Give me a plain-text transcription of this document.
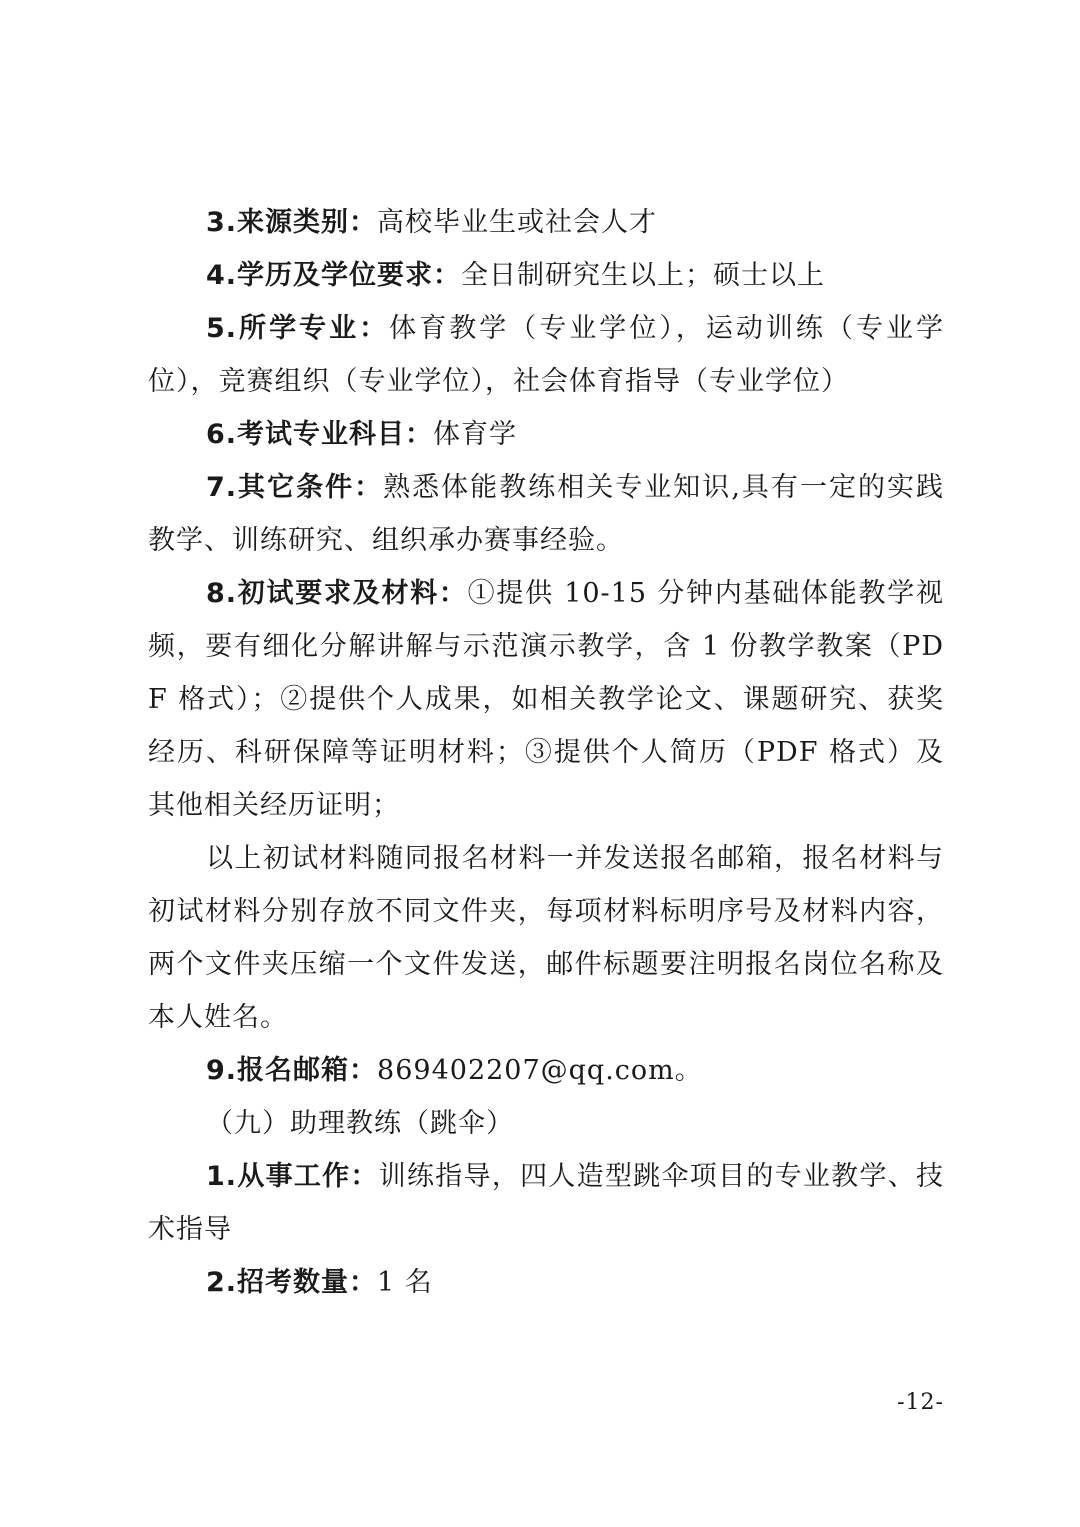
3.来源类别：高校毕业生或社会人才

4.学历及学位要求：全日制研究生以上；硕士以上

5.所学专业：体育教学（专业学位），运动训练（专业学位），竞赛组织（专业学位），社会体育指导（专业学位）

6.考试专业科目：体育学

7.其它条件：熟悉体能教练相关专业知识,具有一定的实践教学、训练研究、组织承办赛事经验。

8.初试要求及材料：①提供 10-15 分钟内基础体能教学视频，要有细化分解讲解与示范演示教学，含 1 份教学教案（PDF 格式）；②提供个人成果，如相关教学论文、课题研究、获奖经历、科研保障等证明材料；③提供个人简历（PDF 格式）及其他相关经历证明；

以上初试材料随同报名材料一并发送报名邮箱，报名材料与初试材料分别存放不同文件夹，每项材料标明序号及材料内容，两个文件夹压缩一个文件发送，邮件标题要注明报名岗位名称及本人姓名。

9.报名邮箱：869402207@qq.com。

（九）助理教练（跳伞）

1.从事工作：训练指导，四人造型跳伞项目的专业教学、技术指导

2.招考数量：1 名

-12-
